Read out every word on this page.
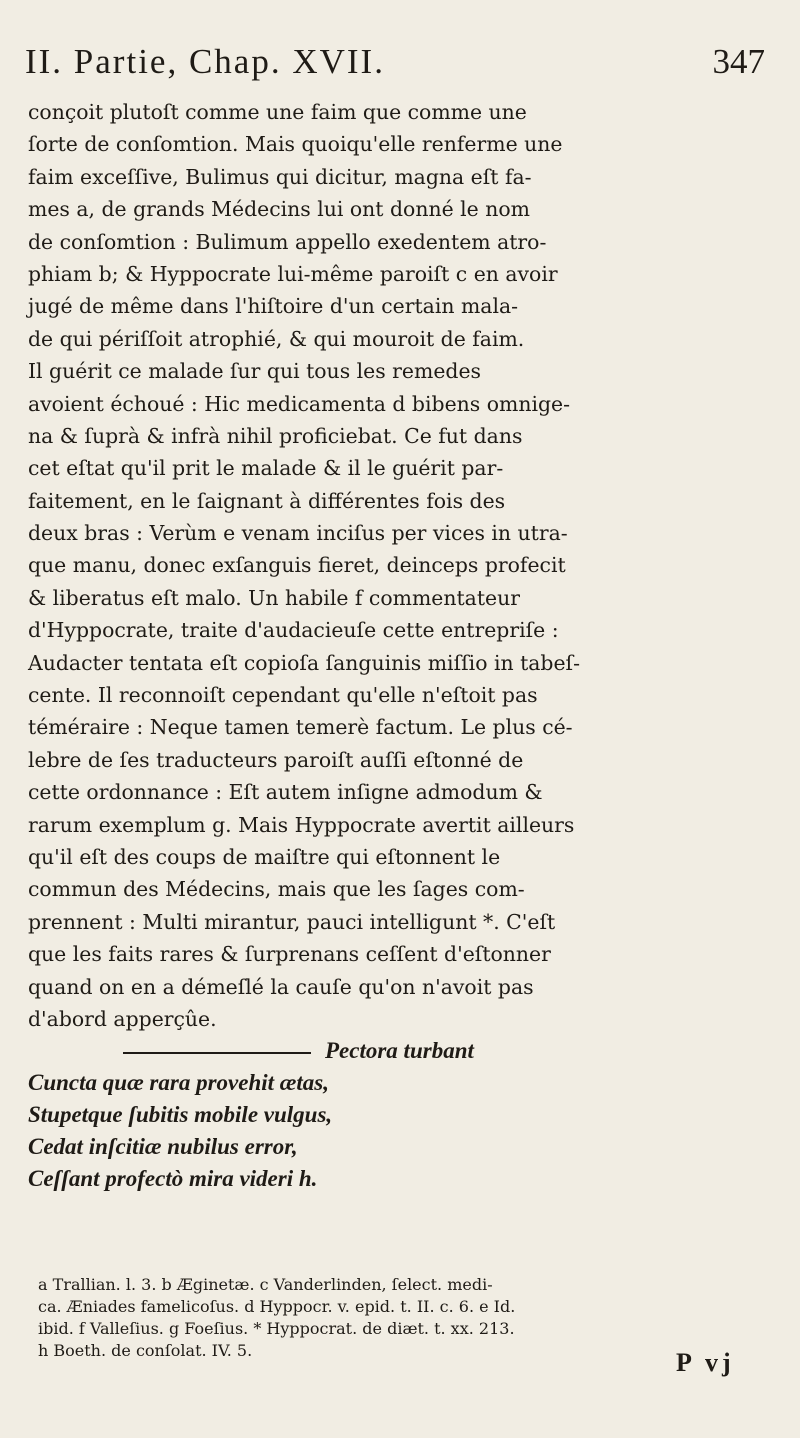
II. Partie, Chap. XVII.	347
conçoit plutoſt comme une faim que comme une
ſorte de conſomtion. Mais quoiqu'elle renferme une
faim exceſſive, Bulimus qui dicitur, magna eſt fa-
mes a, de grands Médecins lui ont donné le nom
de conſomtion : Bulimum appello exedentem atro-
phiam b; & Hyppocrate lui-même paroiſt c en avoir
jugé de même dans l'hiſtoire d'un certain mala-
de qui périſſoit atrophié, & qui mouroit de faim.
Il guérit ce malade ſur qui tous les remedes
avoient échoué : Hic medicamenta d bibens omnige-
na & ſuprà & infrà nihil proficiebat. Ce fut dans
cet eſtat qu'il prit le malade & il le guérit par-
faitement, en le ſaignant à différentes fois des
deux bras : Verùm e venam inciſus per vices in utra-
que manu, donec exſanguis fieret, deinceps profecit
& liberatus eſt malo. Un habile f commentateur
d'Hyppocrate, traite d'audacieuſe cette entrepriſe :
Audacter tentata eſt copioſa ſanguinis miſſio in tabeſ-
cente. Il reconnoiſt cependant qu'elle n'eſtoit pas
téméraire : Neque tamen temerè factum. Le plus cé-
lebre de ſes traducteurs paroiſt auſſi eſtonné de
cette ordonnance : Eſt autem inſigne admodum &
rarum exemplum g. Mais Hyppocrate avertit ailleurs
qu'il eſt des coups de maiſtre qui eſtonnent le
commun des Médecins, mais que les ſages com-
prennent : Multi mirantur, pauci intelligunt *. C'eſt
que les faits rares & ſurprenans ceſſent d'eſtonner
quand on en a démeſlé la cauſe qu'on n'avoit pas
d'abord apperçûe.
Pectora turbant
Cuncta quæ rara provehit ætas,
Stupetque ſubitis mobile vulgus,
Cedat inſcitiæ nubilus error,
Ceſſant profectò mira videri h.
a Trallian. l. 3. b Æginetæ. c Vanderlinden, ſelect. medi-
ca. Æniades famelicoſus. d Hyppocr. v. epid. t. II. c. 6. e Id.
ibid. f Valleſius. g Foeſius. * Hyppocrat. de diæt. t. xx. 213.
h Boeth. de conſolat. IV. 5.	P vj
